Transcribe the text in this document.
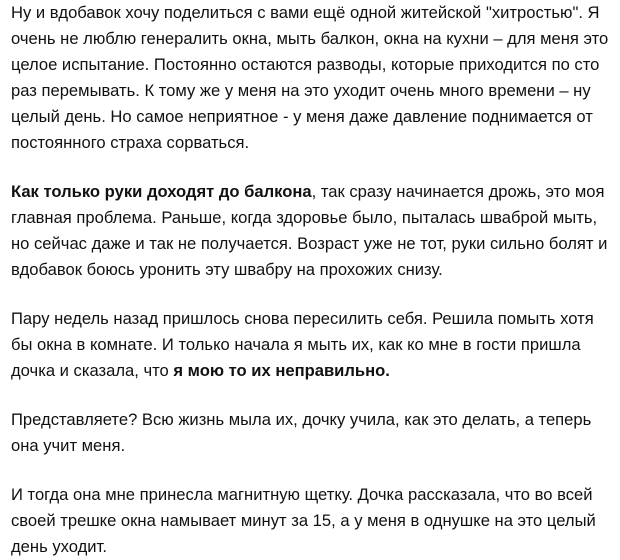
Ну и вдобавок хочу поделиться с вами ещё одной житейской "хитростью". Я очень не люблю генералить окна, мыть балкон, окна на кухни – для меня это целое испытание. Постоянно остаются разводы, которые приходится по сто раз перемывать. К тому же у меня на это уходит очень много времени – ну целый день. Но самое неприятное - у меня даже давление поднимается от постоянного страха сорваться.

Как только руки доходят до балкона, так сразу начинается дрожь, это моя главная проблема. Раньше, когда здоровье было, пыталась шваброй мыть, но сейчас даже и так не получается. Возраст уже не тот, руки сильно болят и вдобавок боюсь уронить эту швабру на прохожих снизу.

Пару недель назад пришлось снова пересилить себя. Решила помыть хотя бы окна в комнате. И только начала я мыть их, как ко мне в гости пришла дочка и сказала, что я мою то их неправильно.

Представляете? Всю жизнь мыла их, дочку учила, как это делать, а теперь она учит меня.

И тогда она мне принесла магнитную щетку. Дочка рассказала, что во всей своей трешке окна намывает минут за 15, а у меня в однушке на это целый день уходит.
